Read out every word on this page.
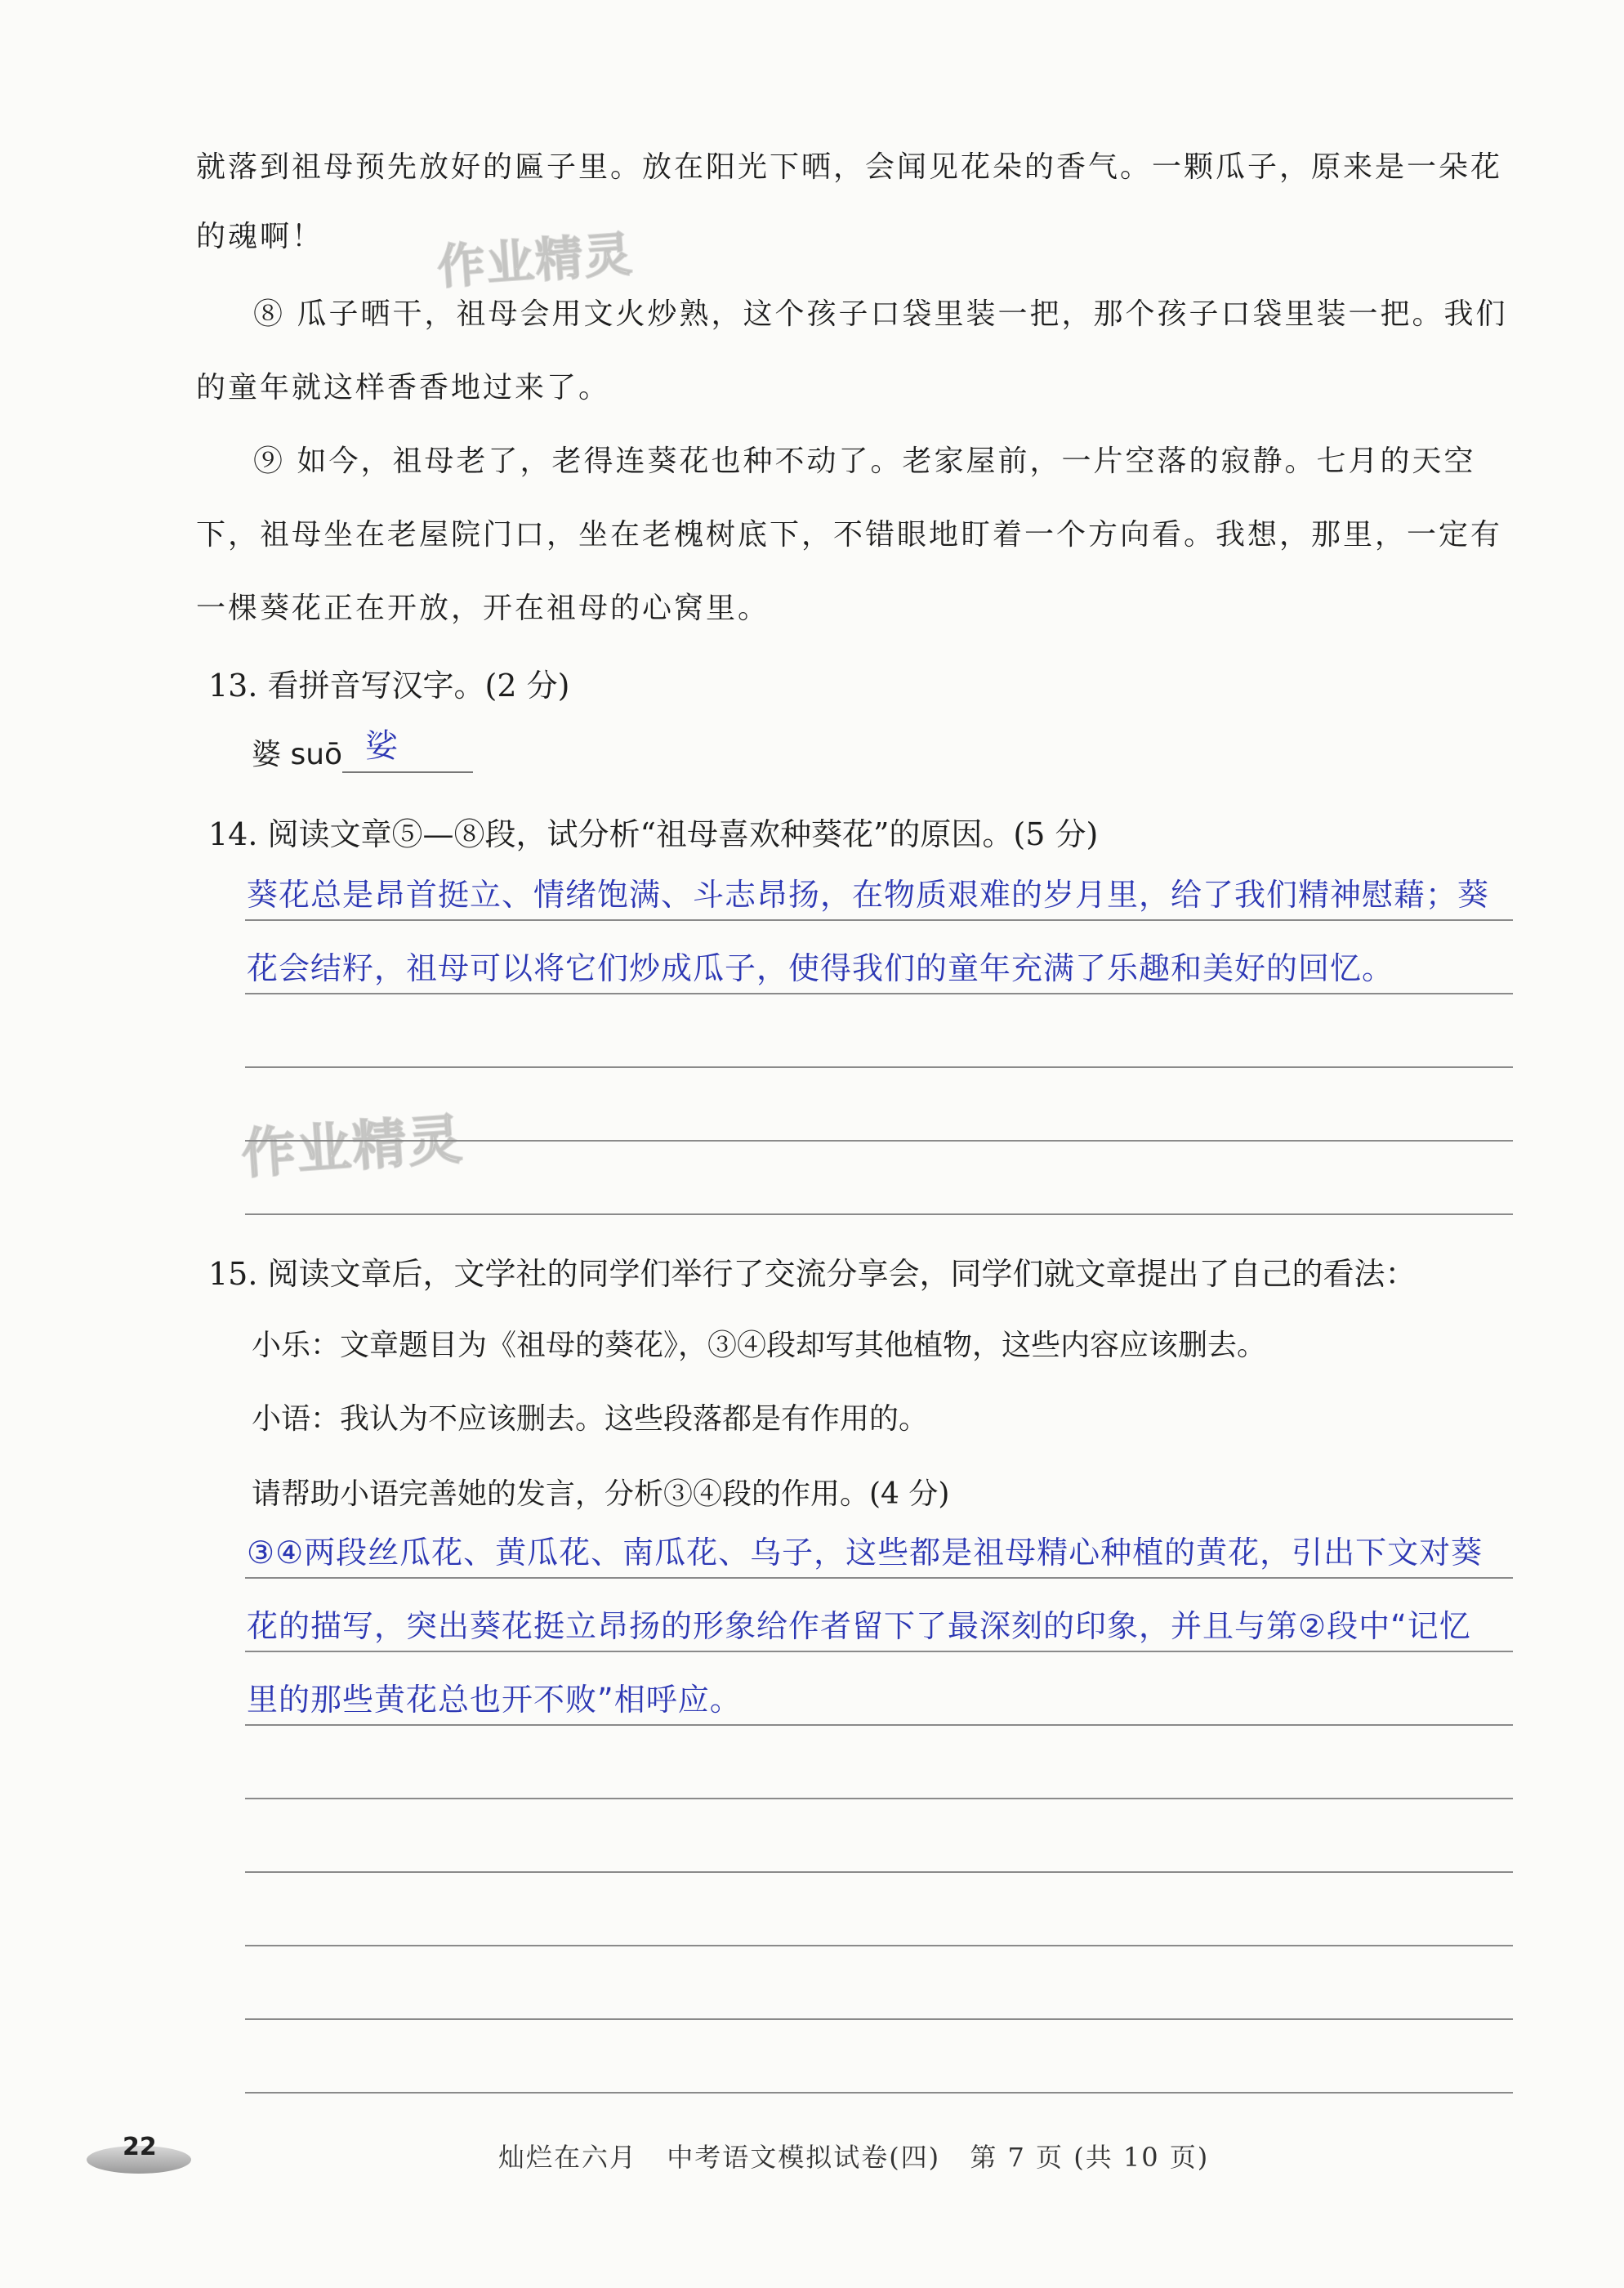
就落到祖母预先放好的匾子里。放在阳光下晒，会闻见花朵的香气。一颗瓜子，原来是一朵花

的魂啊！

⑧ 瓜子晒干，祖母会用文火炒熟，这个孩子口袋里装一把，那个孩子口袋里装一把。我们的童年就这样香香地过来了。

⑨ 如今，祖母老了，老得连葵花也种不动了。老家屋前，一片空落的寂静。七月的天空下，祖母坐在老屋院门口，坐在老槐树底下，不错眼地盯着一个方向看。我想，那里，一定有一棵葵花正在开放，开在祖母的心窝里。

13. 看拼音写汉字。(2 分)

婆 suō 娑

14. 阅读文章⑤—⑧段，试分析“祖母喜欢种葵花”的原因。(5 分)

葵花总是昂首挺立、情绪饱满、斗志昂扬，在物质艰难的岁月里，给了我们精神慰藉；葵

花会结籽，祖母可以将它们炒成瓜子，使得我们的童年充满了乐趣和美好的回忆。

15. 阅读文章后，文学社的同学们举行了交流分享会，同学们就文章提出了自己的看法：

小乐：文章题目为《祖母的葵花》，③④段却写其他植物，这些内容应该删去。

小语：我认为不应该删去。这些段落都是有作用的。

请帮助小语完善她的发言，分析③④段的作用。(4 分)

③④两段丝瓜花、黄瓜花、南瓜花、乌子，这些都是祖母精心种植的黄花，引出下文对葵

花的描写，突出葵花挺立昂扬的形象给作者留下了最深刻的印象，并且与第②段中“记忆

里的那些黄花总也开不败”相呼应。

作业精灵
作业精灵
22	灿烂在六月 中考语文模拟试卷(四) 第 7 页 (共 10 页)
